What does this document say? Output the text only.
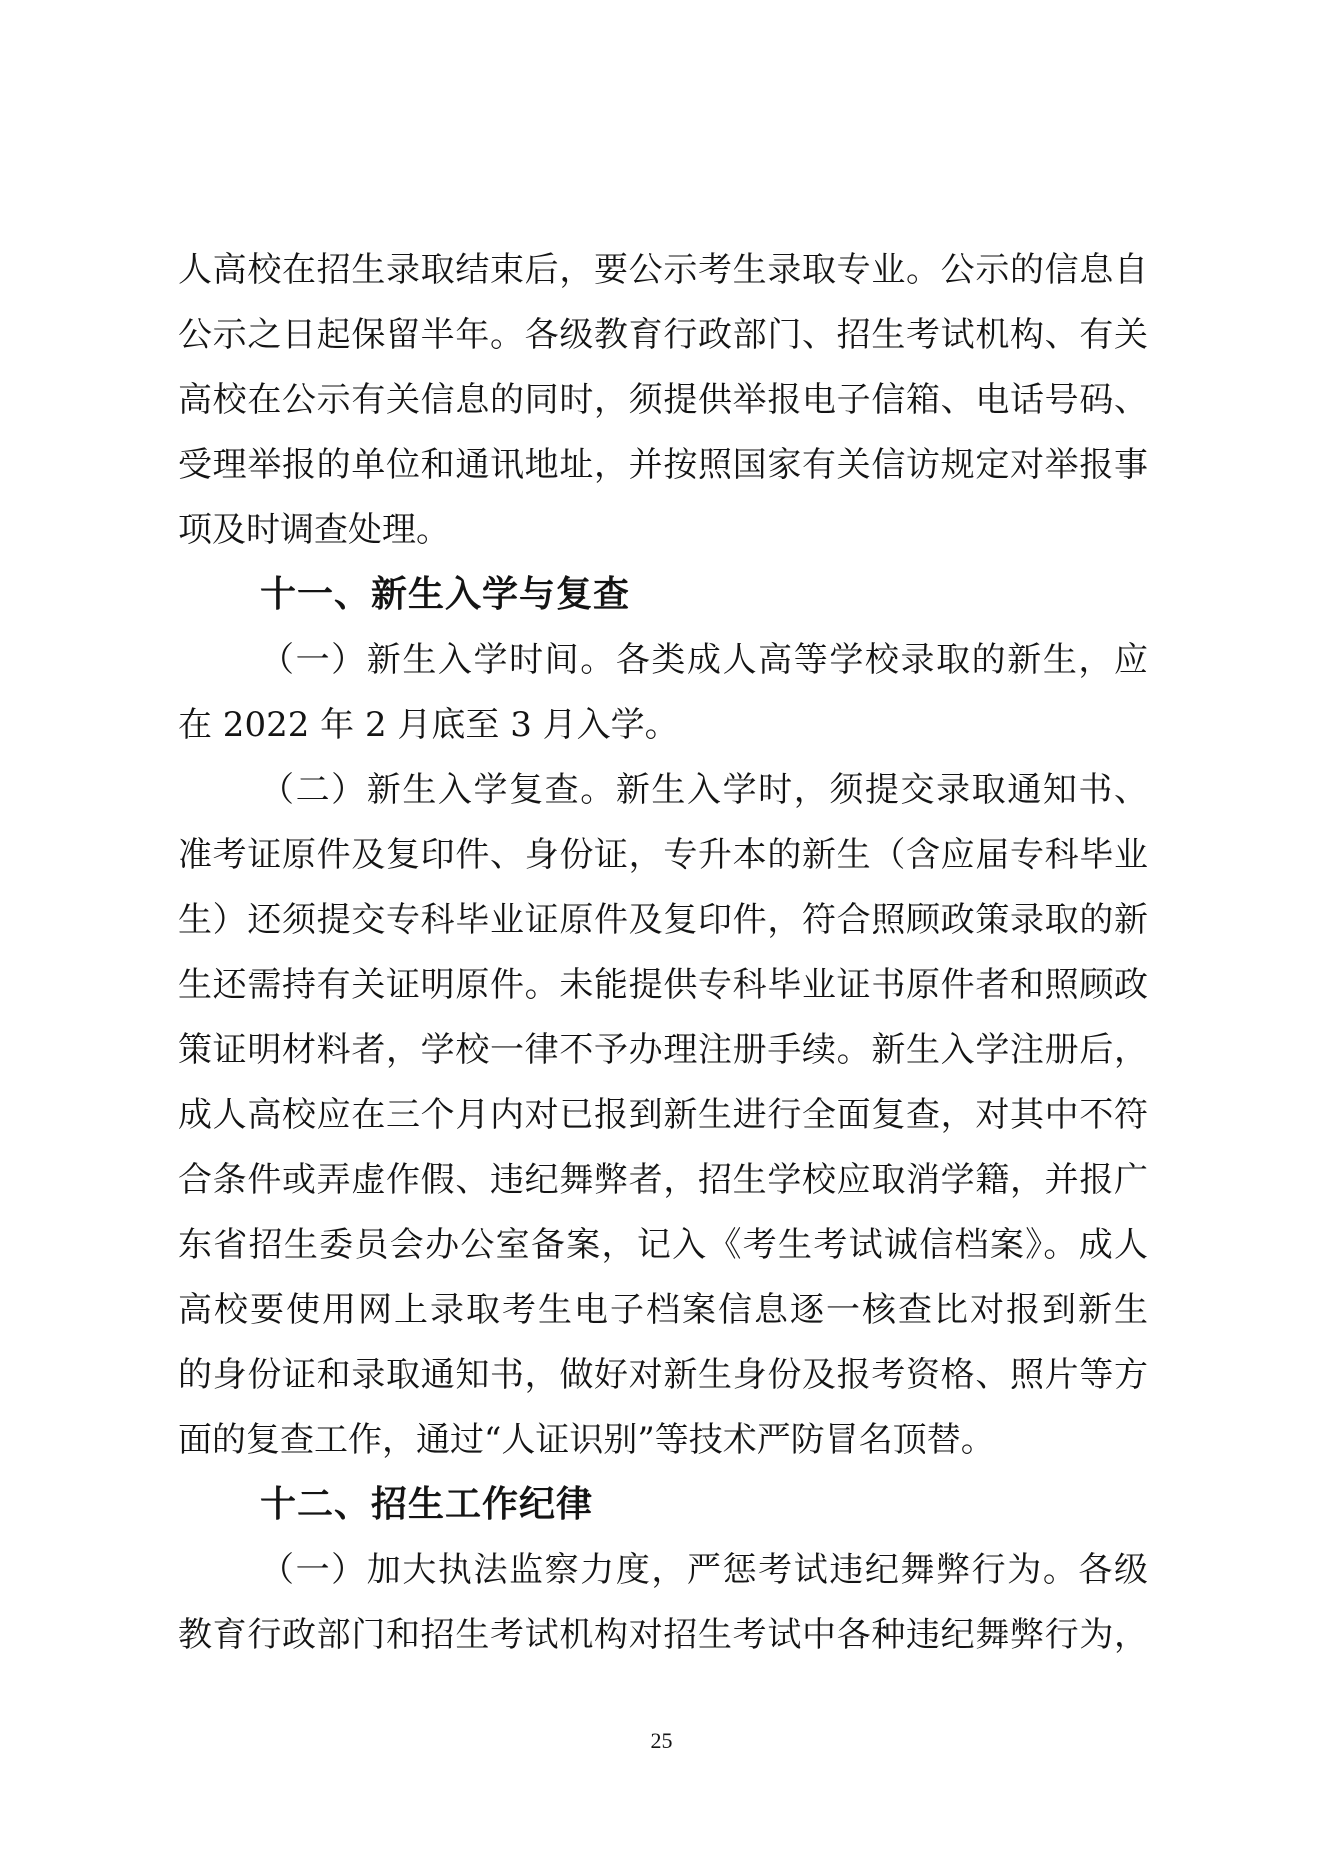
人高校在招生录取结束后，要公示考生录取专业。公示的信息自
公示之日起保留半年。各级教育行政部门、招生考试机构、有关
高校在公示有关信息的同时，须提供举报电子信箱、电话号码、
受理举报的单位和通讯地址，并按照国家有关信访规定对举报事
项及时调查处理。
十一、新生入学与复查
（一）新生入学时间。各类成人高等学校录取的新生，应
在 2022 年 2 月底至 3 月入学。
（二）新生入学复查。新生入学时，须提交录取通知书、
准考证原件及复印件、身份证，专升本的新生（含应届专科毕业
生）还须提交专科毕业证原件及复印件，符合照顾政策录取的新
生还需持有关证明原件。未能提供专科毕业证书原件者和照顾政
策证明材料者，学校一律不予办理注册手续。新生入学注册后，
成人高校应在三个月内对已报到新生进行全面复查，对其中不符
合条件或弄虚作假、违纪舞弊者，招生学校应取消学籍，并报广
东省招生委员会办公室备案，记入《考生考试诚信档案》。成人
高校要使用网上录取考生电子档案信息逐一核查比对报到新生
的身份证和录取通知书，做好对新生身份及报考资格、照片等方
面的复查工作，通过“人证识别”等技术严防冒名顶替。
十二、招生工作纪律
（一）加大执法监察力度，严惩考试违纪舞弊行为。各级
教育行政部门和招生考试机构对招生考试中各种违纪舞弊行为，
25
